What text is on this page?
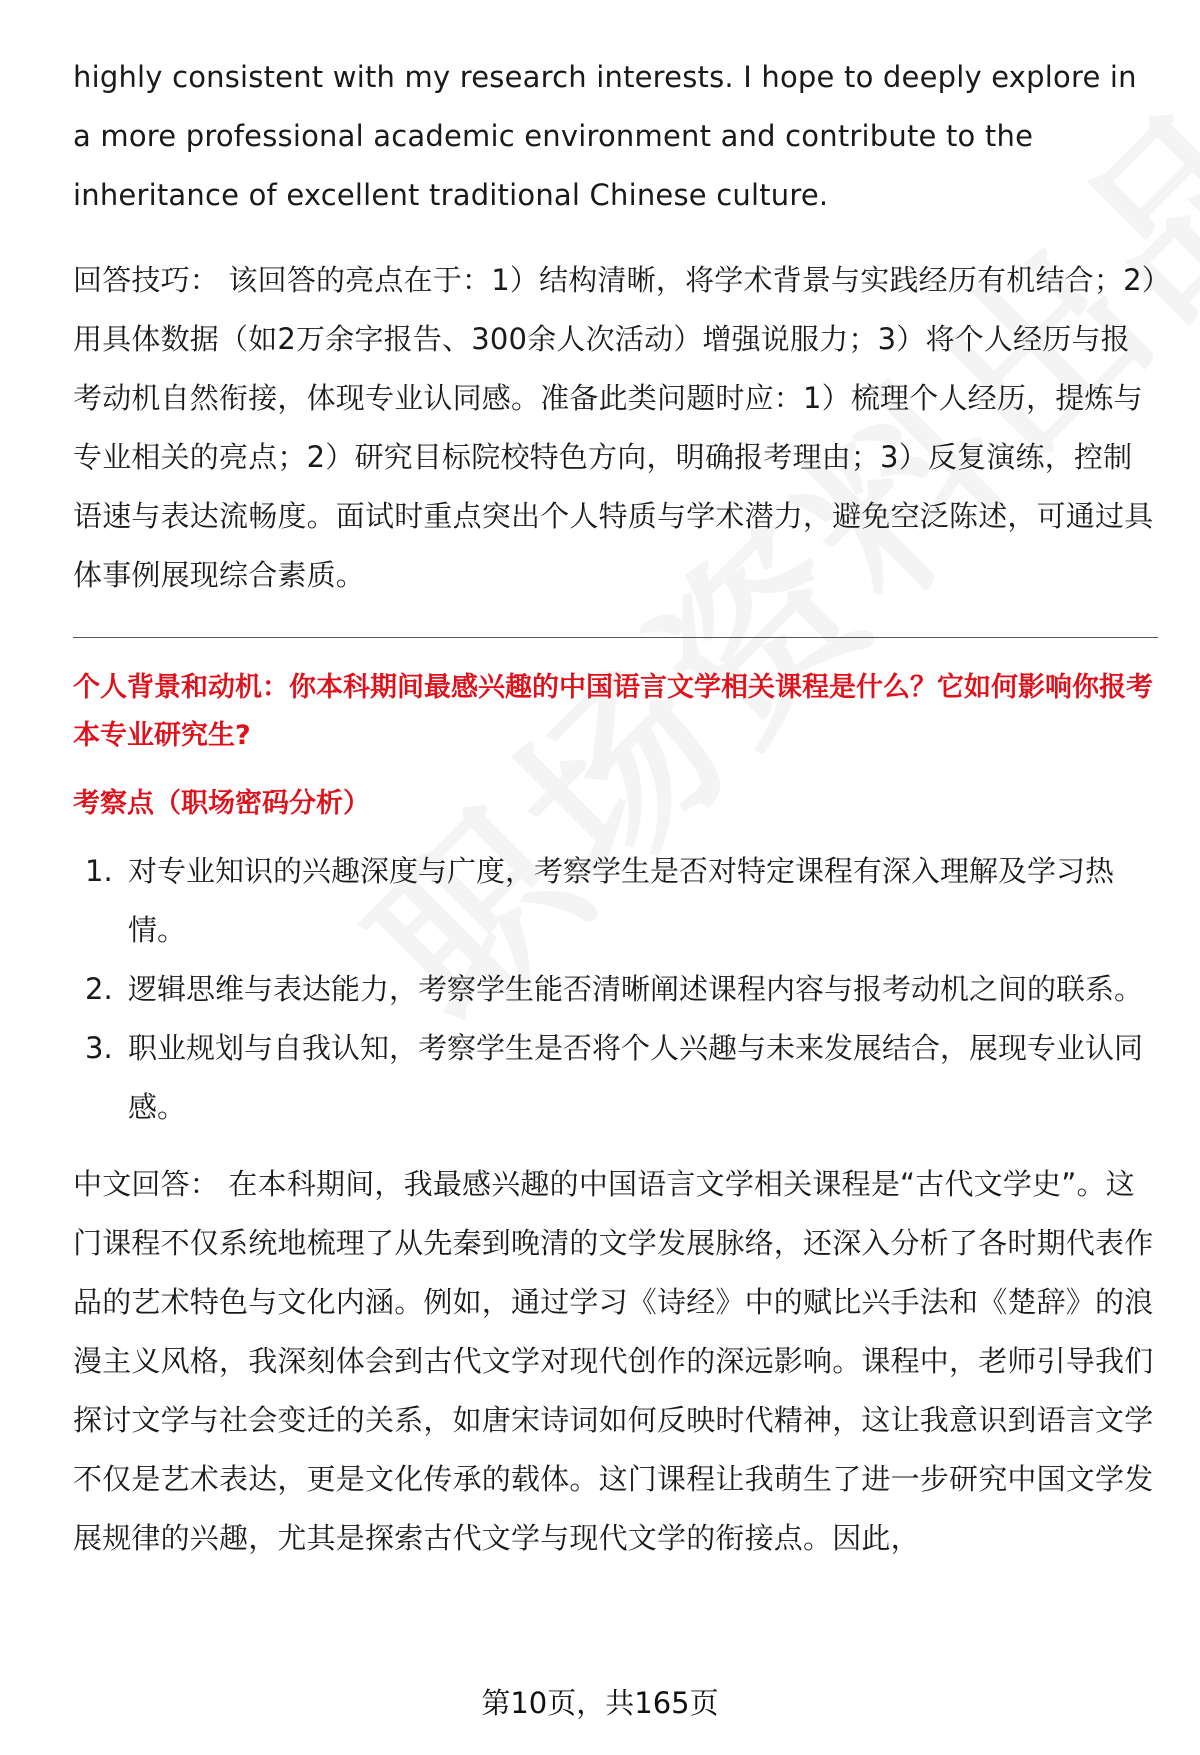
highly consistent with my research interests. I hope to deeply explore in a more professional academic environment and contribute to the inheritance of excellent traditional Chinese culture.

回答技巧： 该回答的亮点在于：1）结构清晰，将学术背景与实践经历有机结合；2）用具体数据（如2万余字报告、300余人次活动）增强说服力；3）将个人经历与报考动机自然衔接，体现专业认同感。准备此类问题时应：1）梳理个人经历，提炼与专业相关的亮点；2）研究目标院校特色方向，明确报考理由；3）反复演练，控制语速与表达流畅度。面试时重点突出个人特质与学术潜力，避免空泛陈述，可通过具体事例展现综合素质。

个人背景和动机：你本科期间最感兴趣的中国语言文学相关课程是什么？它如何影响你报考本专业研究生?

考察点（职场密码分析）

1. 对专业知识的兴趣深度与广度，考察学生是否对特定课程有深入理解及学习热情。
2. 逻辑思维与表达能力，考察学生能否清晰阐述课程内容与报考动机之间的联系。
3. 职业规划与自我认知，考察学生是否将个人兴趣与未来发展结合，展现专业认同感。

中文回答： 在本科期间，我最感兴趣的中国语言文学相关课程是“古代文学史”。这门课程不仅系统地梳理了从先秦到晚清的文学发展脉络，还深入分析了各时期代表作品的艺术特色与文化内涵。例如，通过学习《诗经》中的赋比兴手法和《楚辞》的浪漫主义风格，我深刻体会到古代文学对现代创作的深远影响。课程中，老师引导我们探讨文学与社会变迁的关系，如唐宋诗词如何反映时代精神，这让我意识到语言文学不仅是艺术表达，更是文化传承的载体。这门课程让我萌生了进一步研究中国文学发展规律的兴趣，尤其是探索古代文学与现代文学的衔接点。因此，

第10页，共165页
